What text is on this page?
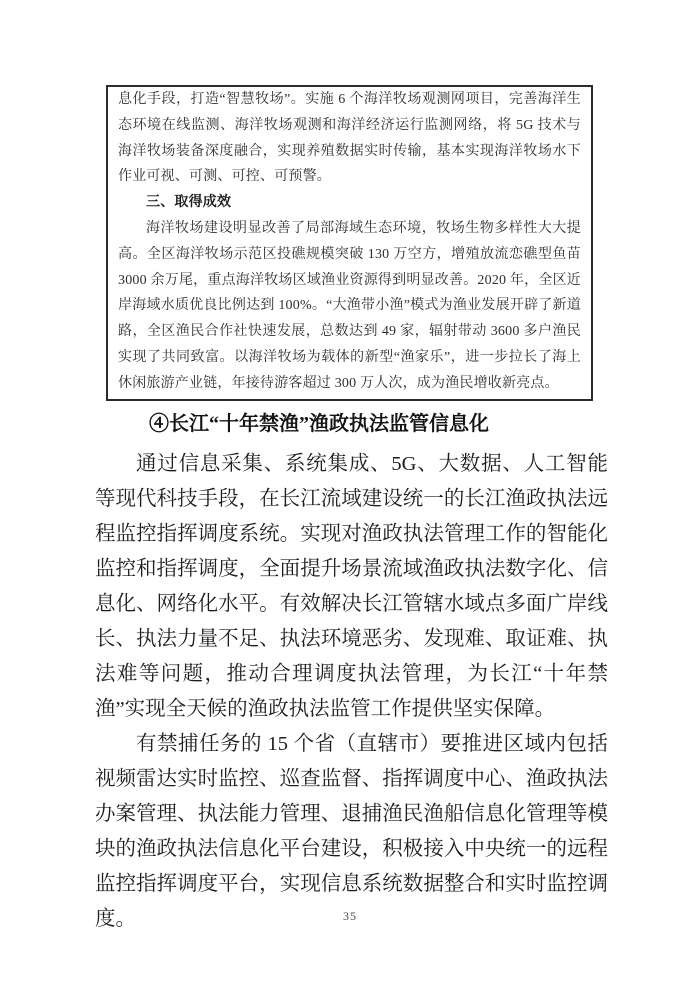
息化手段，打造“智慧牧场”。实施 6 个海洋牧场观测网项目，完善海洋生态环境在线监测、海洋牧场观测和海洋经济运行监测网络，将 5G 技术与海洋牧场装备深度融合，实现养殖数据实时传输，基本实现海洋牧场水下作业可视、可测、可控、可预警。

三、取得成效

海洋牧场建设明显改善了局部海域生态环境，牧场生物多样性大大提高。全区海洋牧场示范区投礁规模突破 130 万空方，增殖放流恋礁型鱼苗 3000 余万尾，重点海洋牧场区域渔业资源得到明显改善。2020 年，全区近岸海域水质优良比例达到 100%。“大渔带小渔”模式为渔业发展开辟了新道路，全区渔民合作社快速发展，总数达到 49 家，辐射带动 3600 多户渔民实现了共同致富。以海洋牧场为载体的新型“渔家乐”，进一步拉长了海上休闲旅游产业链，年接待游客超过 300 万人次，成为渔民增收新亮点。

④长江“十年禁渔”渔政执法监管信息化

通过信息采集、系统集成、5G、大数据、人工智能等现代科技手段，在长江流域建设统一的长江渔政执法远程监控指挥调度系统。实现对渔政执法管理工作的智能化监控和指挥调度，全面提升场景流域渔政执法数字化、信息化、网络化水平。有效解决长江管辖水域点多面广岸线长、执法力量不足、执法环境恶劣、发现难、取证难、执法难等问题，推动合理调度执法管理，为长江“十年禁渔”实现全天候的渔政执法监管工作提供坚实保障。

有禁捕任务的 15 个省（直辖市）要推进区域内包括视频雷达实时监控、巡查监督、指挥调度中心、渔政执法办案管理、执法能力管理、退捕渔民渔船信息化管理等模块的渔政执法信息化平台建设，积极接入中央统一的远程监控指挥调度平台，实现信息系统数据整合和实时监控调度。	35
